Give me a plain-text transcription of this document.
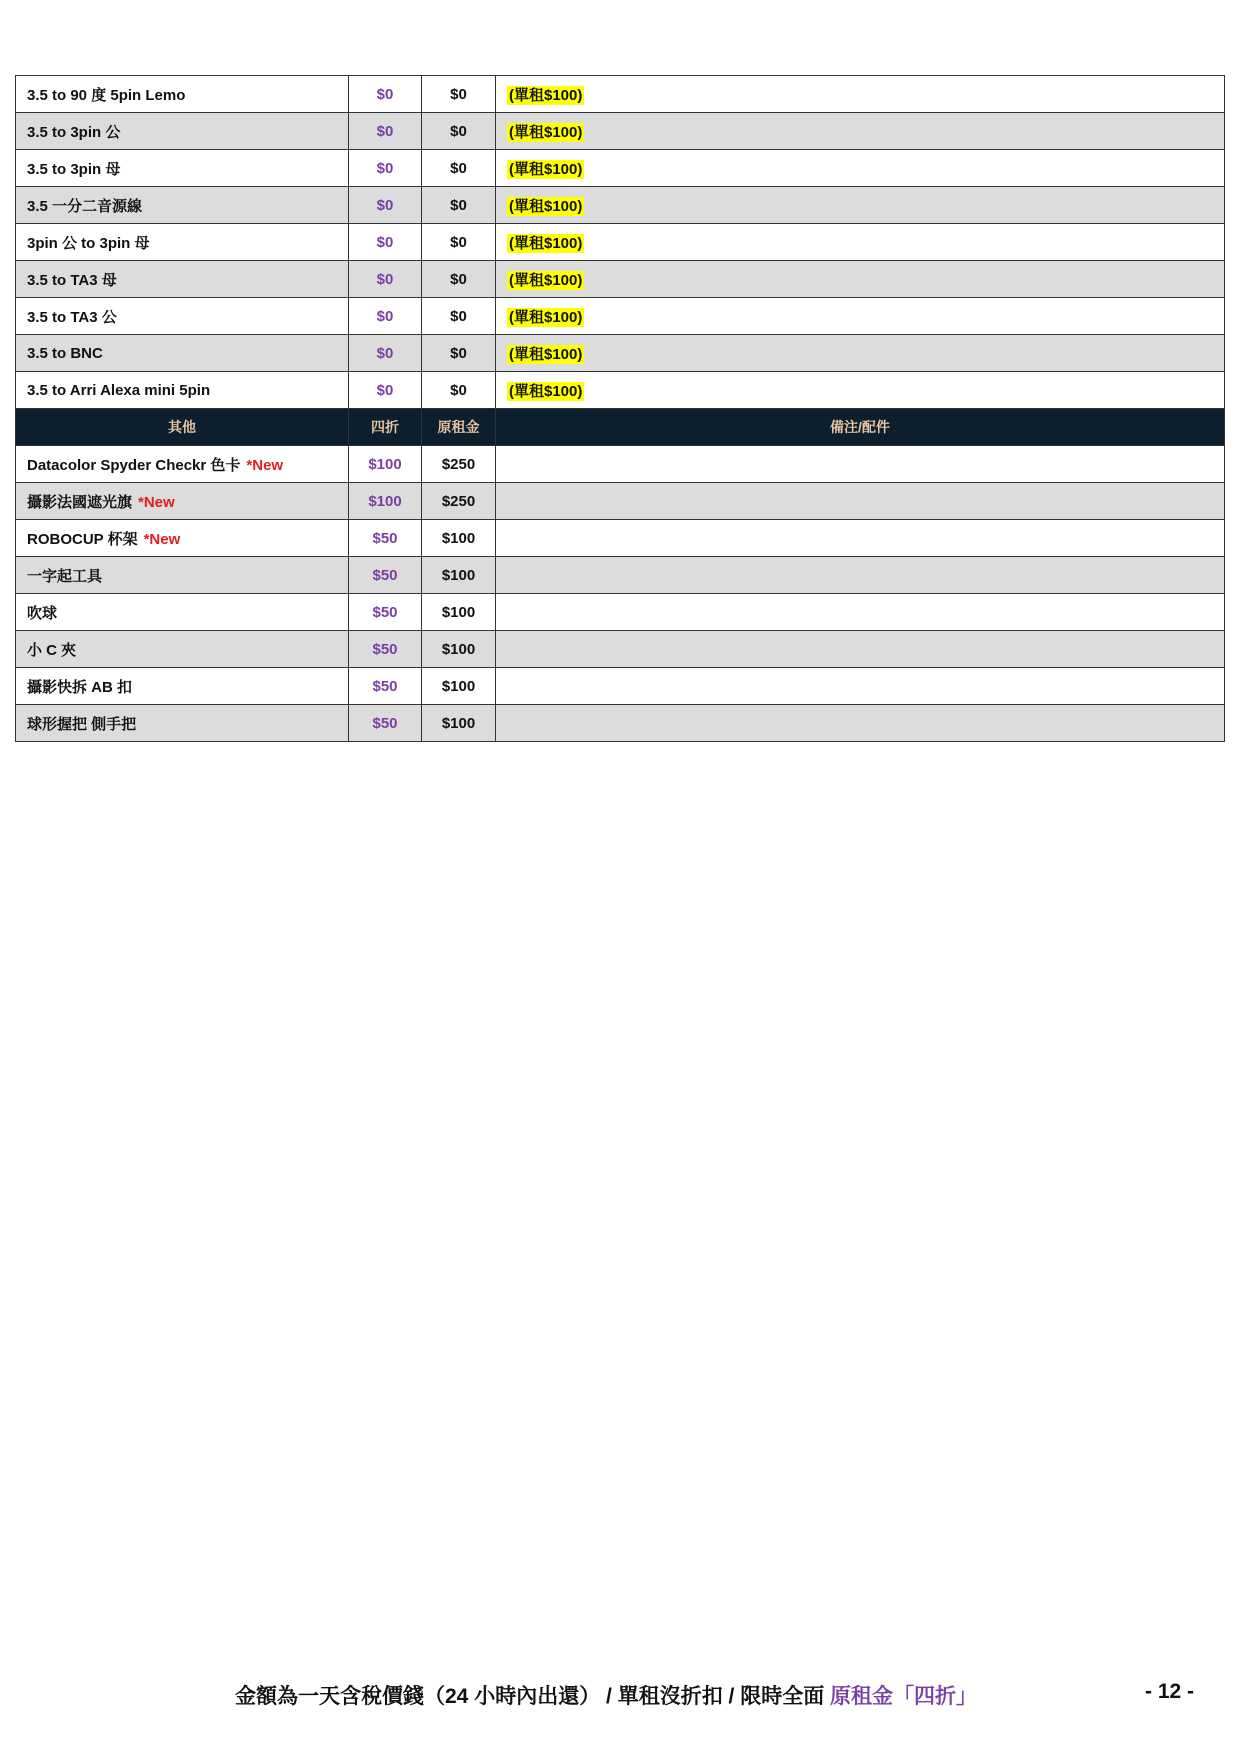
3.5 to 90 度 5pin Lemo	$0	$0	(單租$100)
3.5 to 3pin 公	$0	$0	(單租$100)
3.5 to 3pin 母	$0	$0	(單租$100)
3.5 一分二音源線	$0	$0	(單租$100)
3pin 公 to 3pin 母	$0	$0	(單租$100)
3.5 to TA3 母	$0	$0	(單租$100)
3.5 to TA3 公	$0	$0	(單租$100)
3.5 to BNC	$0	$0	(單租$100)
3.5 to Arri Alexa mini 5pin	$0	$0	(單租$100)
其他	四折	原租金	備注/配件
Datacolor Spyder Checkr 色卡 *New	$100	$250	
攝影法國遮光旗 *New	$100	$250	
ROBOCUP 杯架 *New	$50	$100	
一字起工具	$50	$100	
吹球	$50	$100	
小 C 夾	$50	$100	
攝影快拆 AB 扣	$50	$100	
球形握把 側手把	$50	$100	
金額為一天含稅價錢（24 小時內出還） / 單租沒折扣 / 限時全面 原租金「四折」	- 12 -
